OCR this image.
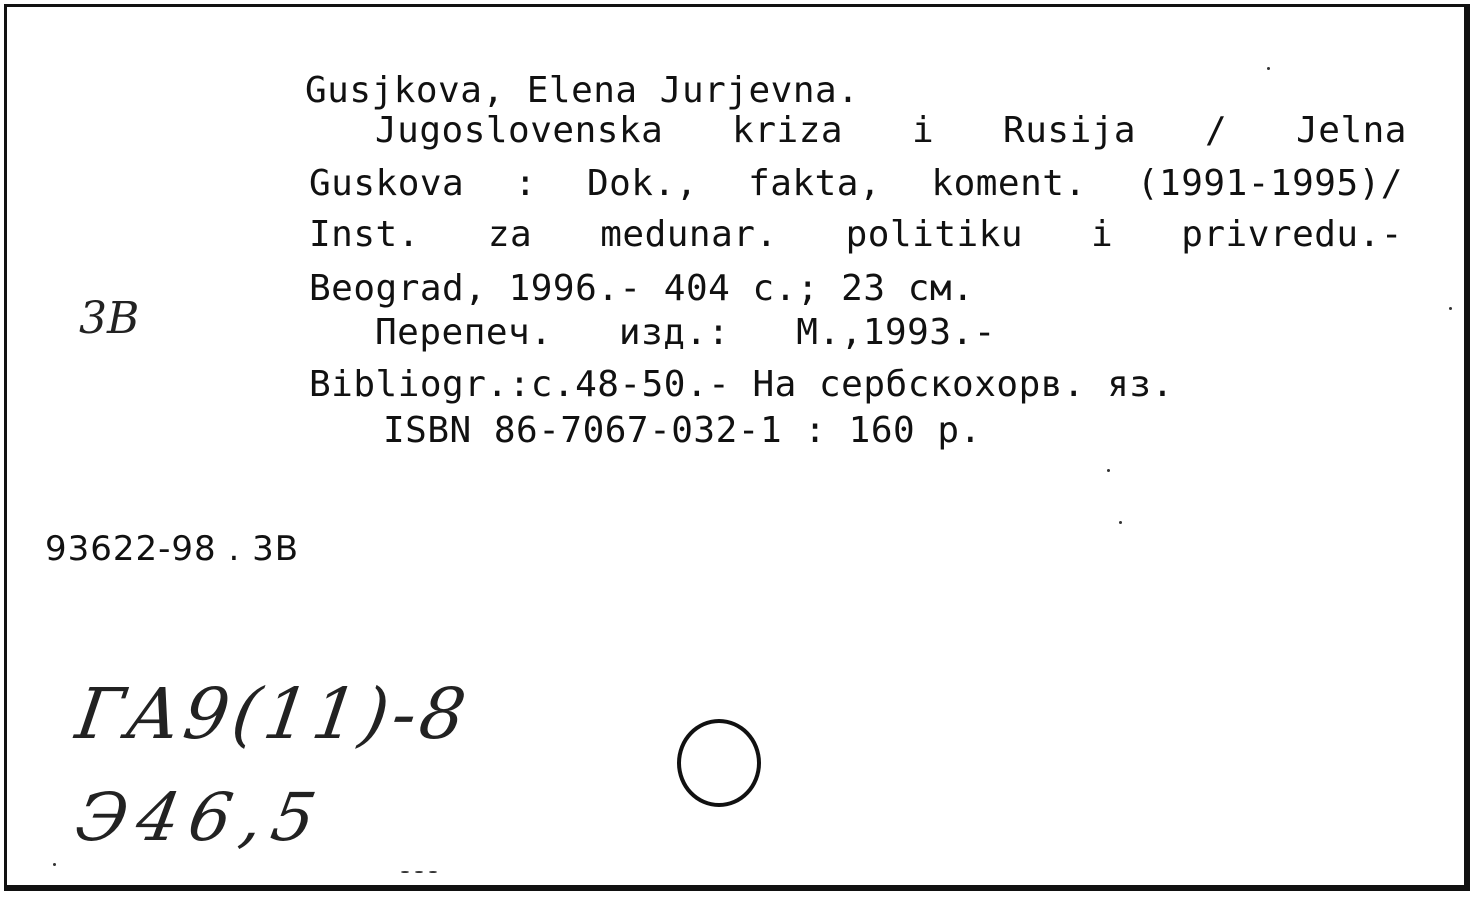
Gusjkova, Elena Jurjevna.
Jugoslovenska kriza i Rusija / Jelna
Guskova : Dok., fakta, koment. (1991-1995)/
Inst. za medunar. politiku i privredu.-
Beograd, 1996.- 404 c.; 23 см.
Перепеч.   изд.:   М.,1993.-
Bibliogr.:c.48-50.- На сербскохорв. яз.
ISBN 86-7067-032-1 : 160 р.
93622-98 . 3B
3B
ГА9(11)-8
Э46,5
